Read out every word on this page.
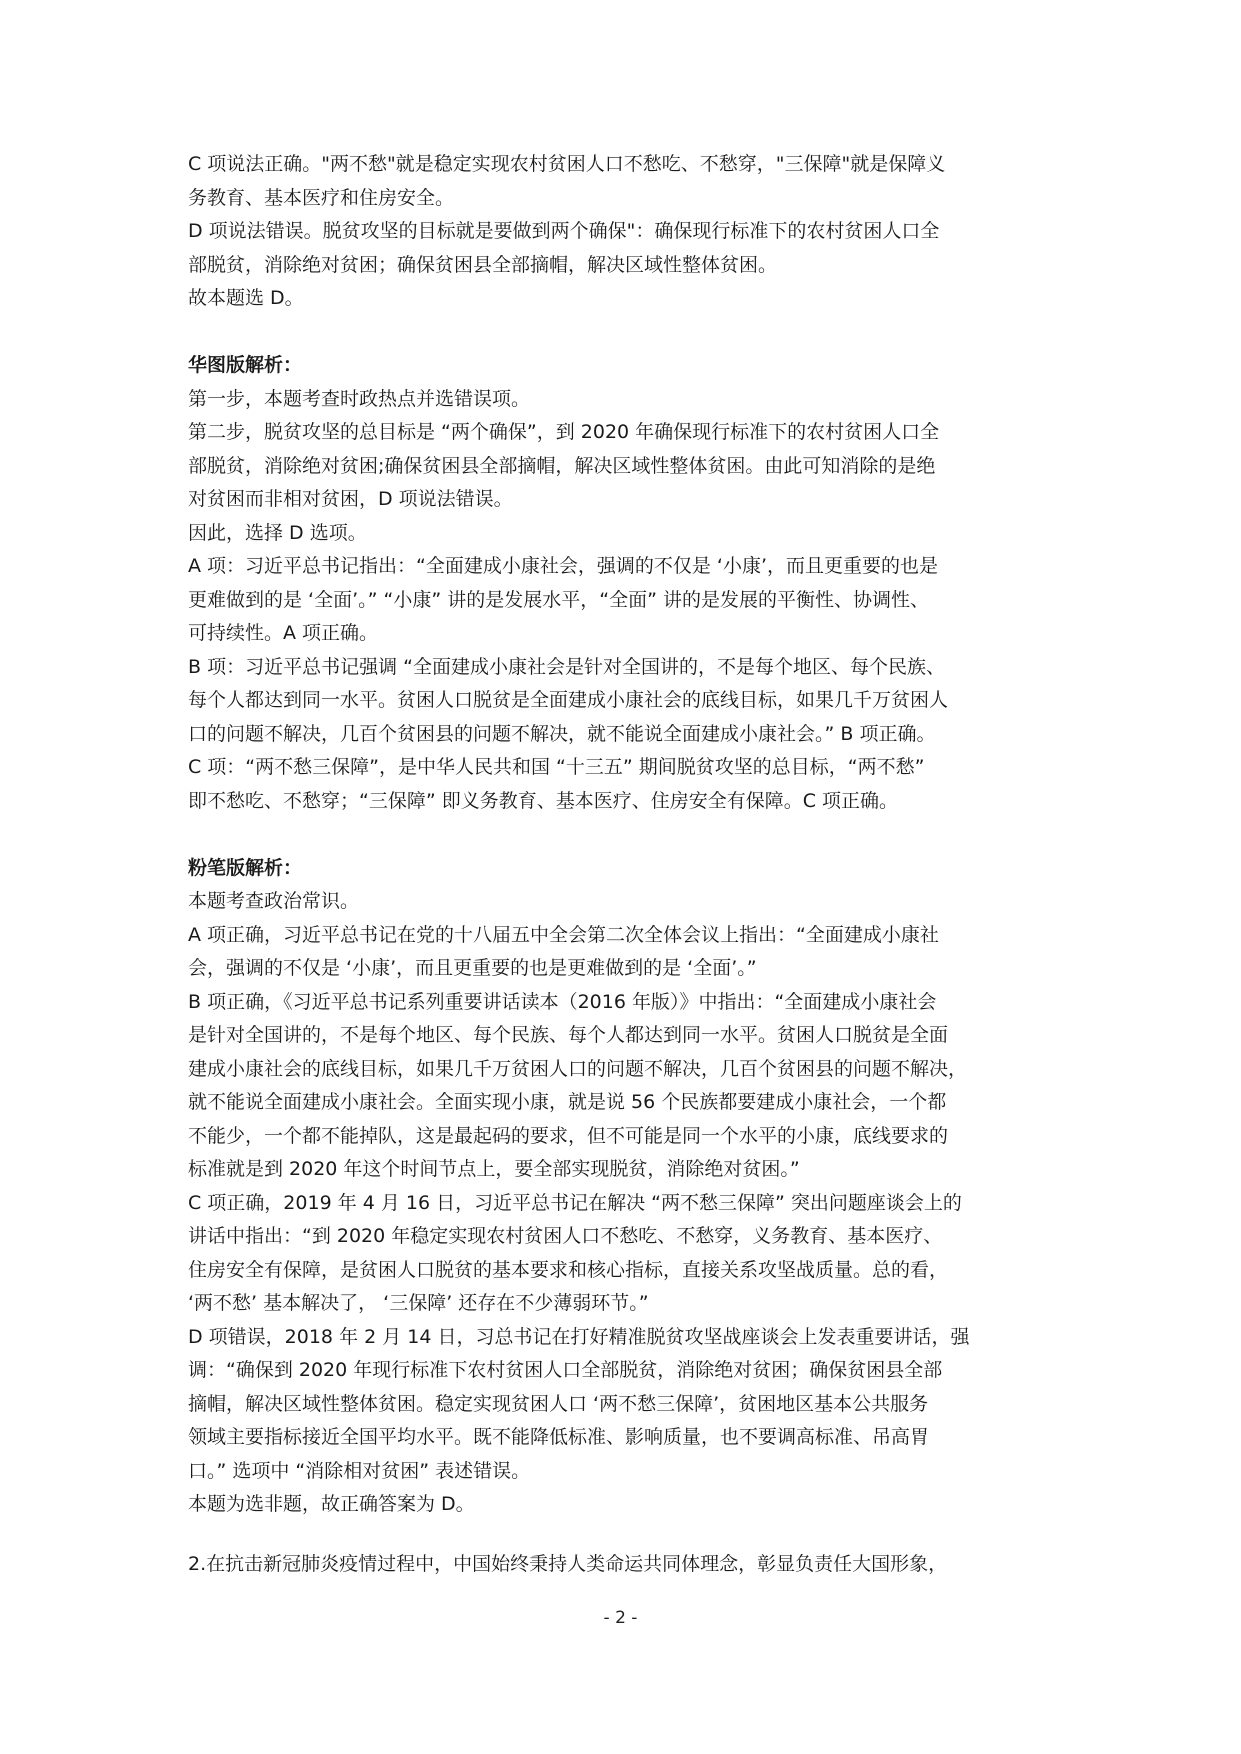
C 项说法正确。"两不愁"就是稳定实现农村贫困人口不愁吃、不愁穿，"三保障"就是保障义
务教育、基本医疗和住房安全。
D 项说法错误。脱贫攻坚的目标就是要做到两个确保"：确保现行标准下的农村贫困人口全
部脱贫，消除绝对贫困；确保贫困县全部摘帽，解决区域性整体贫困。
故本题选 D。
华图版解析：
第一步，本题考查时政热点并选错误项。
第二步，脱贫攻坚的总目标是 “两个确保”，到 2020 年确保现行标准下的农村贫困人口全
部脱贫，消除绝对贫困;确保贫困县全部摘帽，解决区域性整体贫困。由此可知消除的是绝
对贫困而非相对贫困，D 项说法错误。
因此，选择 D 选项。
A 项：习近平总书记指出：“全面建成小康社会，强调的不仅是 ‘小康’，而且更重要的也是
更难做到的是 ‘全面’。” “小康” 讲的是发展水平，“全面” 讲的是发展的平衡性、协调性、
可持续性。A 项正确。
B 项：习近平总书记强调 “全面建成小康社会是针对全国讲的，不是每个地区、每个民族、
每个人都达到同一水平。贫困人口脱贫是全面建成小康社会的底线目标，如果几千万贫困人
口的问题不解决，几百个贫困县的问题不解决，就不能说全面建成小康社会。” B 项正确。
C 项：“两不愁三保障”，是中华人民共和国 “十三五” 期间脱贫攻坚的总目标，“两不愁”
即不愁吃、不愁穿；“三保障” 即义务教育、基本医疗、住房安全有保障。C 项正确。
粉笔版解析：
本题考查政治常识。
A 项正确，习近平总书记在党的十八届五中全会第二次全体会议上指出：“全面建成小康社
会，强调的不仅是 ‘小康’，而且更重要的也是更难做到的是 ‘全面’。”
B 项正确，《习近平总书记系列重要讲话读本（2016 年版）》中指出：“全面建成小康社会
是针对全国讲的，不是每个地区、每个民族、每个人都达到同一水平。贫困人口脱贫是全面
建成小康社会的底线目标，如果几千万贫困人口的问题不解决，几百个贫困县的问题不解决，
就不能说全面建成小康社会。全面实现小康，就是说 56 个民族都要建成小康社会，一个都
不能少，一个都不能掉队，这是最起码的要求，但不可能是同一个水平的小康，底线要求的
标准就是到 2020 年这个时间节点上，要全部实现脱贫，消除绝对贫困。”
C 项正确，2019 年 4 月 16 日，习近平总书记在解决 “两不愁三保障” 突出问题座谈会上的
讲话中指出：“到 2020 年稳定实现农村贫困人口不愁吃、不愁穿，义务教育、基本医疗、
住房安全有保障，是贫困人口脱贫的基本要求和核心指标，直接关系攻坚战质量。总的看，
‘两不愁’ 基本解决了， ‘三保障’ 还存在不少薄弱环节。”
D 项错误，2018 年 2 月 14 日，习总书记在打好精准脱贫攻坚战座谈会上发表重要讲话，强
调：“确保到 2020 年现行标准下农村贫困人口全部脱贫，消除绝对贫困；确保贫困县全部
摘帽，解决区域性整体贫困。稳定实现贫困人口 ‘两不愁三保障’，贫困地区基本公共服务
领域主要指标接近全国平均水平。既不能降低标准、影响质量，也不要调高标准、吊高胃
口。” 选项中 “消除相对贫困” 表述错误。
本题为选非题，故正确答案为 D。
2.在抗击新冠肺炎疫情过程中，中国始终秉持人类命运共同体理念，彰显负责任大国形象，
- 2 -
